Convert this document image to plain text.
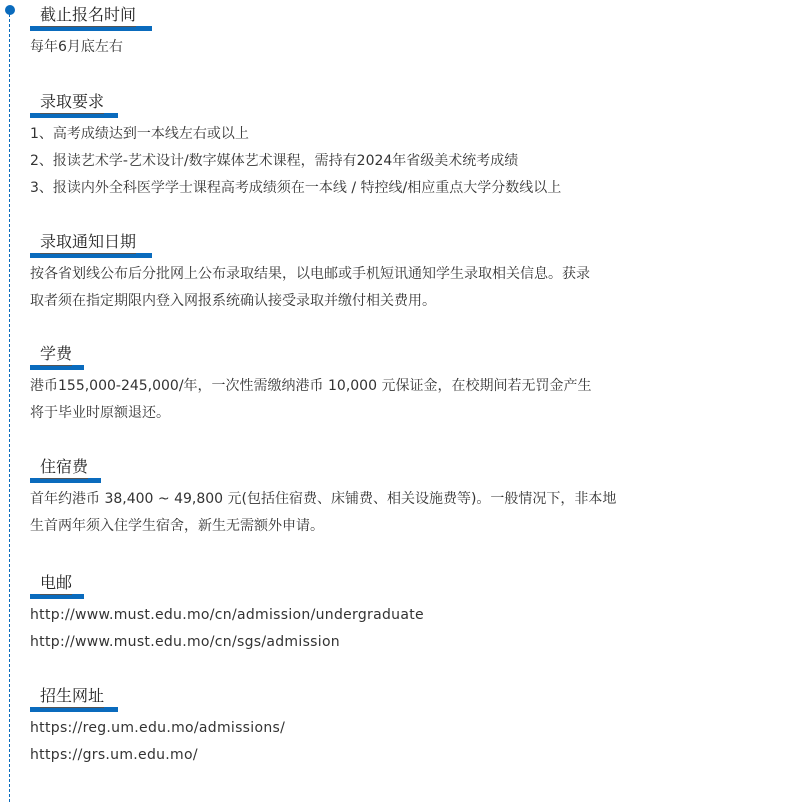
截止报名时间
每年6月底左右
录取要求
1、高考成绩达到一本线左右或以上
2、报读艺术学-艺术设计/数字媒体艺术课程，需持有2024年省级美术统考成绩
3、报读内外全科医学学士课程高考成绩须在一本线 / 特控线/相应重点大学分数线以上
录取通知日期
按各省划线公布后分批网上公布录取结果，以电邮或手机短讯通知学生录取相关信息。获录
取者须在指定期限内登入网报系统确认接受录取并缴付相关费用。
学费
港币155,000-245,000/年，一次性需缴纳港币 10,000 元保证金，在校期间若无罚金产生
将于毕业时原额退还。
住宿费
首年约港币 38,400 ~ 49,800 元(包括住宿费、床铺费、相关设施费等)。一般情况下，非本地
生首两年须入住学生宿舍，新生无需额外申请。
电邮
http://www.must.edu.mo/cn/admission/undergraduate
http://www.must.edu.mo/cn/sgs/admission
招生网址
https://reg.um.edu.mo/admissions/
https://grs.um.edu.mo/
